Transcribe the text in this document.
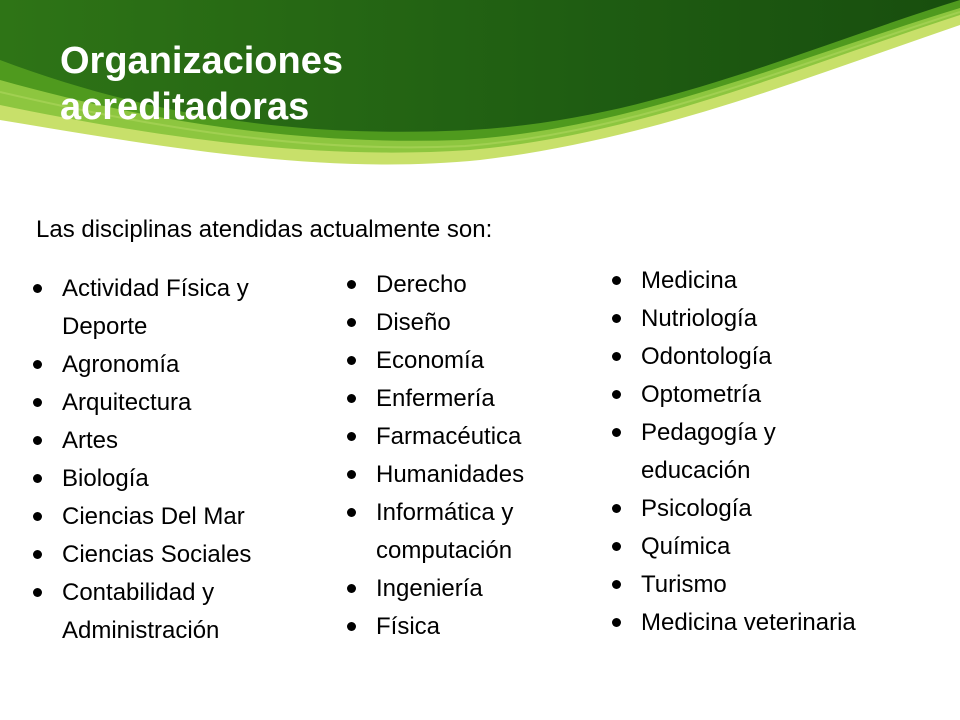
Organizaciones
acreditadoras

Las disciplinas atendidas actualmente son:

Actividad Física y
Deporte
Agronomía
Arquitectura
Artes
Biología
Ciencias Del Mar
Ciencias Sociales
Contabilidad y
Administración
Derecho
Diseño
Economía
Enfermería
Farmacéutica
Humanidades
Informática y
computación
Ingeniería
Física
Medicina
Nutriología
Odontología
Optometría
Pedagogía y
educación
Psicología
Química
Turismo
Medicina veterinaria
